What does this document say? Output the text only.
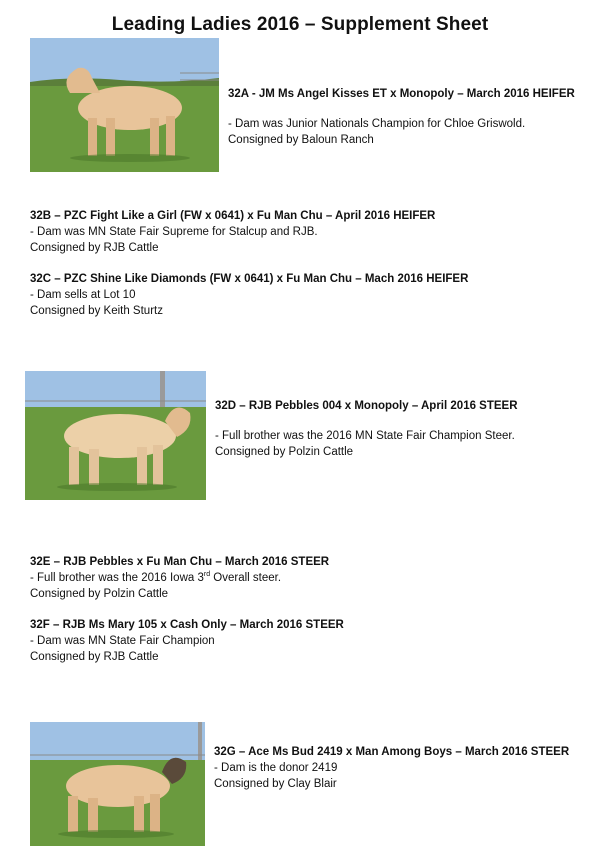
Leading Ladies 2016 – Supplement Sheet
32A - JM Ms Angel Kisses ET x Monopoly – March 2016 HEIFER
- Dam was Junior Nationals Champion for Chloe Griswold.
Consigned by Baloun Ranch
32B – PZC Fight Like a Girl (FW x 0641) x Fu Man Chu – April 2016 HEIFER
- Dam was MN State Fair Supreme for Stalcup and RJB.
Consigned by RJB Cattle
32C – PZC Shine Like Diamonds (FW x 0641) x Fu Man Chu – Mach 2016 HEIFER
- Dam sells at Lot 10
Consigned by Keith Sturtz
32D – RJB Pebbles 004 x Monopoly – April 2016 STEER
- Full brother was the 2016 MN State Fair Champion Steer.
Consigned by Polzin Cattle
32E – RJB Pebbles x Fu Man Chu – March 2016 STEER
- Full brother was the 2016 Iowa 3rd Overall steer.
Consigned by Polzin Cattle
32F – RJB Ms Mary 105 x Cash Only – March 2016 STEER
- Dam was MN State Fair Champion
Consigned by RJB Cattle
32G – Ace Ms Bud 2419 x Man Among Boys – March 2016 STEER
- Dam is the donor 2419
Consigned by Clay Blair
